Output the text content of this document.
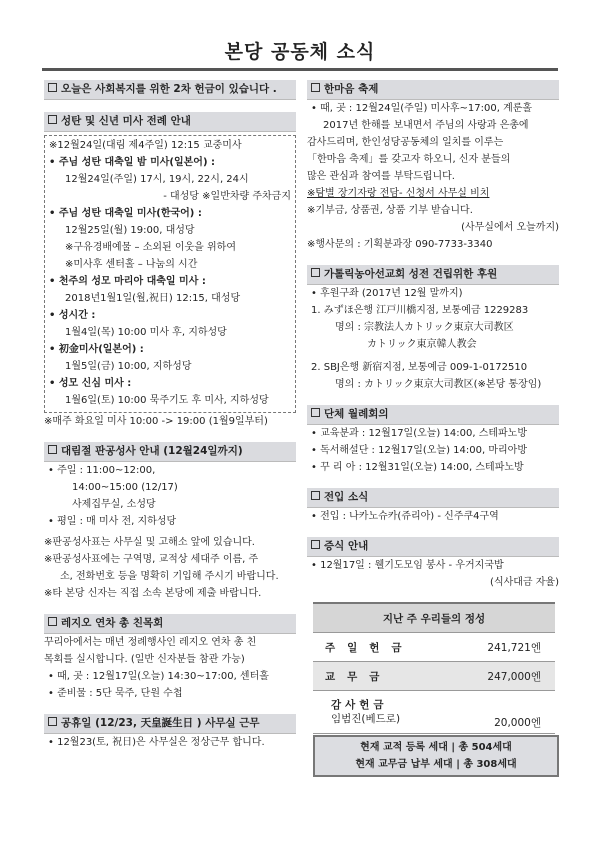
본당 공동체 소식
오늘은 사회복지를 위한 2차 헌금이 있습니다 .
성탄 및 신년 미사 전례 안내
※12월24일(대림 제4주일) 12:15 교중미사
• 주님 성탄 대축일 밤 미사(일본어) :
12월24일(주일) 17시, 19시, 22시, 24시
- 대성당 ※일반차량 주차금지
• 주님 성탄 대축일 미사(한국어) :
12월25일(월) 19:00, 대성당
※구유경배예물 – 소외된 이웃을 위하여
※미사후 센터홀 – 나눔의 시간
• 천주의 성모 마리아 대축일 미사 :
2018년1월1일(월,祝日) 12:15, 대성당
• 성시간 :
1월4일(목) 10:00 미사 후, 지하성당
• 初金미사(일본어) :
1월5일(금) 10:00, 지하성당
• 성모 신심 미사 :
1월6일(토) 10:00 묵주기도 후 미사, 지하성당
※매주 화요일 미사 10:00 -> 19:00 (1월9일부터)
대림절 판공성사 안내 (12월24일까지)
• 주일 : 11:00~12:00,
14:00~15:00 (12/17)
사제집무실, 소성당
• 평일 : 매 미사 전, 지하성당
※판공성사표는 사무실 및 고해소 앞에 있습니다.
※판공성사표에는 구역명, 교적상 세대주 이름, 주
소, 전화번호 등을 명확히 기입해 주시기 바랍니다.
※타 본당 신자는 직접 소속 본당에 제출 바랍니다.
레지오 연차 총 친목회
꾸리아에서는 매년 정례행사인 레지오 연차 총 친
목회를 실시합니다. (일반 신자분들 참관 가능)
• 때, 곳 : 12월17일(오늘) 14:30~17:00, 센터홀
• 준비물 : 5단 묵주, 단원 수첩
공휴일 (12/23, 天皇誕生日 ) 사무실 근무
• 12월23(토, 祝日)은 사무실은 정상근무 합니다.
한마음 축제
• 때, 곳 : 12월24일(주일) 미사후~17:00, 계룬홀
2017년 한해를 보내면서 주님의 사랑과 은총에
감사드리며, 한인성당공동체의 일치를 이루는
「한마음 축제」를 갖고자 하오니, 신자 분들의
많은 관심과 참여를 부탁드립니다.
※탐별 장기자랑 전담- 신청서 사무실 비치
※기부금, 상품권, 상품 기부 받습니다.
(사무실에서 오늘까지)
※행사문의 : 기획분과장 090-7733-3340
가톨릭농아선교회 성전 건립위한 후원
• 후원구좌 (2017년 12월 말까지)
1. みずほ은행 江戸川橋지점, 보통예금 1229283
명의 : 宗教法人カトリック東京大司教区
カトリック東京韓人教会
2. SBJ은행 新宿지점, 보통예금 009-1-0172510
명의 : カトリック東京大司教区(※본당 통장임)
단체 월례회의
• 교육분과 : 12월17일(오늘) 14:00, 스테파노방
• 독서해설단 : 12월17일(오늘) 14:00, 마리아방
• 꾸 리 아 : 12월31일(오늘) 14:00, 스테파노방
전입 소식
• 전입 : 나카노슈카(쥬리아) - 신주쿠4구역
증식 안내
• 12월17일 : 웰기도모임 봉사 - 우거지국밥
(식사대금 자율)
지난 주 우리들의 정성	
주일헌금	241,721엔
교무금	247,000엔

감사헌금
임범진(베드로)	20,000엔
현재 교적 등록 세대 | 총 504세대
현재 교무금 납부 세대 | 총 308세대
